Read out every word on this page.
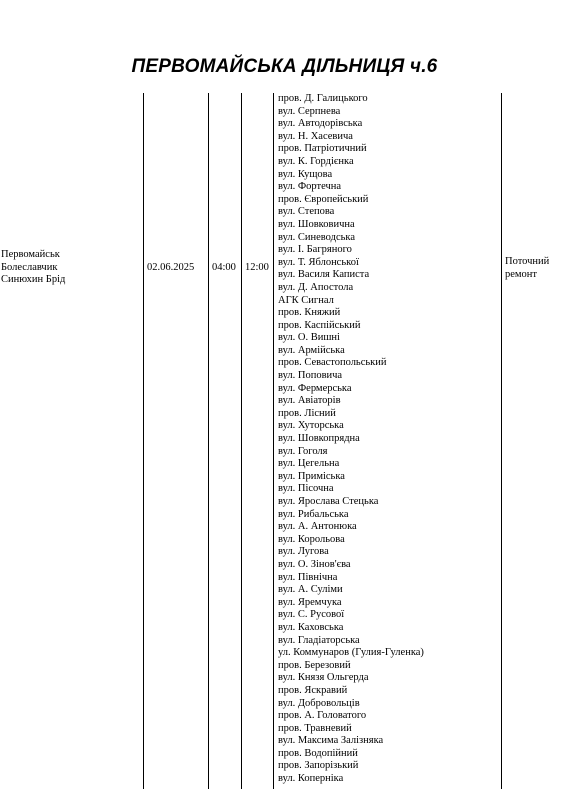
ПЕРВОМАЙСЬКА ДІЛЬНИЦЯ ч.6
Первомайськ
Болеславчик
Синюхин Брід
02.06.2025 04:00 12:00
Поточний
ремонт
пров. Д. Галицького
вул. Серпнева
вул. Автодорівська
вул. Н. Хасевича
пров. Патріотичний
вул. К. Гордієнка
вул. Кущова
вул. Фортечна
пров. Європейський
вул. Степова
вул. Шовковична
вул. Синеводська
вул. І. Багряного
вул. Т. Яблонської
вул. Василя Каписта
вул. Д. Апостола
АГК Сигнал
пров. Княжий
пров. Каспійський
вул. О. Вишні
вул. Армійська
пров. Севастопольський
вул. Поповича
вул. Фермерська
вул. Авіаторів
пров. Лісний
вул. Хуторська
вул. Шовкопрядна
вул. Гоголя
вул. Цегельна
вул. Приміська
вул. Пісочна
вул. Ярослава Стецька
вул. Рибальська
вул. А. Антонюка
вул. Корольова
вул. Лугова
вул. О. Зінов'єва
вул. Північна
вул. А. Суліми
вул. Яремчука
вул. С. Русової
вул. Каховська
вул. Гладіаторська
ул. Коммунаров (Гулия-Гуленка)
пров. Березовий
вул. Князя Ольгерда
пров. Яскравий
вул. Добровольців
пров. А. Головатого
пров. Травневий
вул. Максима Залізняка
пров. Водопійний
пров. Запорізький
вул. Коперніка
